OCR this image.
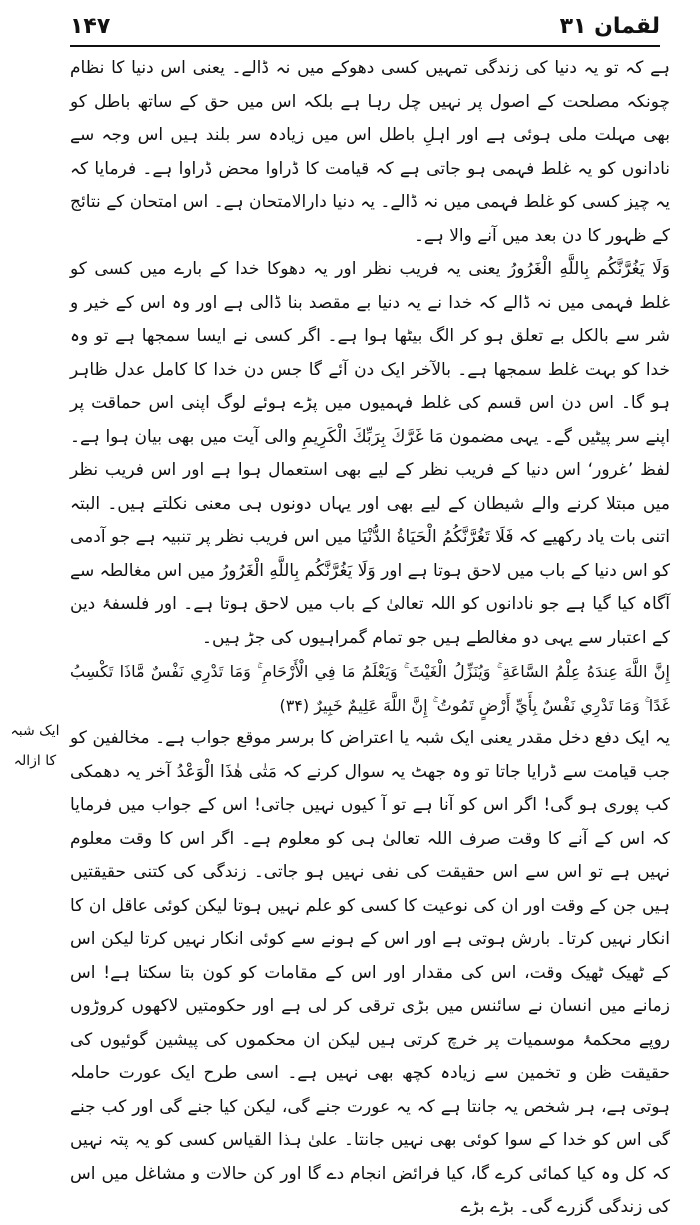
۱۴۷	لقمان ۳۱
ایک شبہ کا ازالہ

ہے کہ تو یہ دنیا کی زندگی تمہیں کسی دھوکے میں نہ ڈالے۔ یعنی اس دنیا کا نظام چونکہ مصلحت کے اصول پر نہیں چل رہا ہے بلکہ اس میں حق کے ساتھ باطل کو بھی مہلت ملی ہوئی ہے اور اہلِ باطل اس میں زیادہ سر بلند ہیں اس وجہ سے نادانوں کو یہ غلط فہمی ہو جاتی ہے کہ قیامت کا ڈراوا محض ڈراوا ہے۔ فرمایا کہ یہ چیز کسی کو غلط فہمی میں نہ ڈالے۔ یہ دنیا دارالامتحان ہے۔ اس امتحان کے نتائج کے ظہور کا دن بعد میں آنے والا ہے۔

وَلَا يَغُرَّنَّكُم بِاللَّهِ الْغَرُورُ یعنی یہ فریب نظر اور یہ دھوکا خدا کے بارے میں کسی کو غلط فہمی میں نہ ڈالے کہ خدا نے یہ دنیا بے مقصد بنا ڈالی ہے اور وہ اس کے خیر و شر سے بالکل بے تعلق ہو کر الگ بیٹھا ہوا ہے۔ اگر کسی نے ایسا سمجھا ہے تو وہ خدا کو بہت غلط سمجھا ہے۔ بالآخر ایک دن آئے گا جس دن خدا کا کامل عدل ظاہر ہو گا۔ اس دن اس قسم کی غلط فہمیوں میں پڑے ہوئے لوگ اپنی اس حماقت پر اپنے سر پیٹیں گے۔ یہی مضمون مَا غَرَّكَ بِرَبِّكَ الْكَرِيمِ والی آیت میں بھی بیان ہوا ہے۔ لفظ ’غرور‘ اس دنیا کے فریب نظر کے لیے بھی استعمال ہوا ہے اور اس فریب نظر میں مبتلا کرنے والے شیطان کے لیے بھی اور یہاں دونوں ہی معنی نکلتے ہیں۔ البتہ اتنی بات یاد رکھیے کہ فَلَا تَغُرَّنَّكُمُ الْحَيَاةُ الدُّنْيَا میں اس فریب نظر پر تنبیہ ہے جو آدمی کو اس دنیا کے باب میں لاحق ہوتا ہے اور وَلَا يَغُرَّنَّكُم بِاللَّهِ الْغَرُورُ میں اس مغالطہ سے آگاہ کیا گیا ہے جو نادانوں کو اللہ تعالیٰ کے باب میں لاحق ہوتا ہے۔ اور فلسفۂ دین کے اعتبار سے یہی دو مغالطے ہیں جو تمام گمراہیوں کی جڑ ہیں۔

إِنَّ اللَّهَ عِندَهُ عِلْمُ السَّاعَةِ ۚ وَيُنَزِّلُ الْغَيْثَ ۚ وَيَعْلَمُ مَا فِي الْأَرْحَامِ ۚ وَمَا تَدْرِي نَفْسٌ مَّاذَا تَكْسِبُ غَدًا ۚ وَمَا تَدْرِي نَفْسٌ بِأَيِّ أَرْضٍ تَمُوتُ ۚ إِنَّ اللَّهَ عَلِيمٌ خَبِيرٌ (۳۴)

یہ ایک دفع دخل مقدر یعنی ایک شبہ یا اعتراض کا برسر موقع جواب ہے۔ مخالفین کو جب قیامت سے ڈرایا جاتا تو وہ جھٹ یہ سوال کرنے کہ مَتٰی ھٰذَا الْوَعْدُ آخر یہ دھمکی کب پوری ہو گی! اگر اس کو آنا ہے تو آ کیوں نہیں جاتی! اس کے جواب میں فرمایا کہ اس کے آنے کا وقت صرف اللہ تعالیٰ ہی کو معلوم ہے۔ اگر اس کا وقت معلوم نہیں ہے تو اس سے اس حقیقت کی نفی نہیں ہو جاتی۔ زندگی کی کتنی حقیقتیں ہیں جن کے وقت اور ان کی نوعیت کا کسی کو علم نہیں ہوتا لیکن کوئی عاقل ان کا انکار نہیں کرتا۔ بارش ہوتی ہے اور اس کے ہونے سے کوئی انکار نہیں کرتا لیکن اس کے ٹھیک ٹھیک وقت، اس کی مقدار اور اس کے مقامات کو کون بتا سکتا ہے! اس زمانے میں انسان نے سائنس میں بڑی ترقی کر لی ہے اور حکومتیں لاکھوں کروڑوں روپے محکمۂ موسمیات پر خرچ کرتی ہیں لیکن ان محکموں کی پیشین گوئیوں کی حقیقت ظن و تخمین سے زیادہ کچھ بھی نہیں ہے۔ اسی طرح ایک عورت حاملہ ہوتی ہے، ہر شخص یہ جانتا ہے کہ یہ عورت جنے گی، لیکن کیا جنے گی اور کب جنے گی اس کو خدا کے سوا کوئی بھی نہیں جانتا۔ علیٰ ہذا القیاس کسی کو یہ پتہ نہیں کہ کل وہ کیا کمائی کرے گا، کیا فرائض انجام دے گا اور کن حالات و مشاغل میں اس کی زندگی گزرے گی۔ بڑے بڑے
